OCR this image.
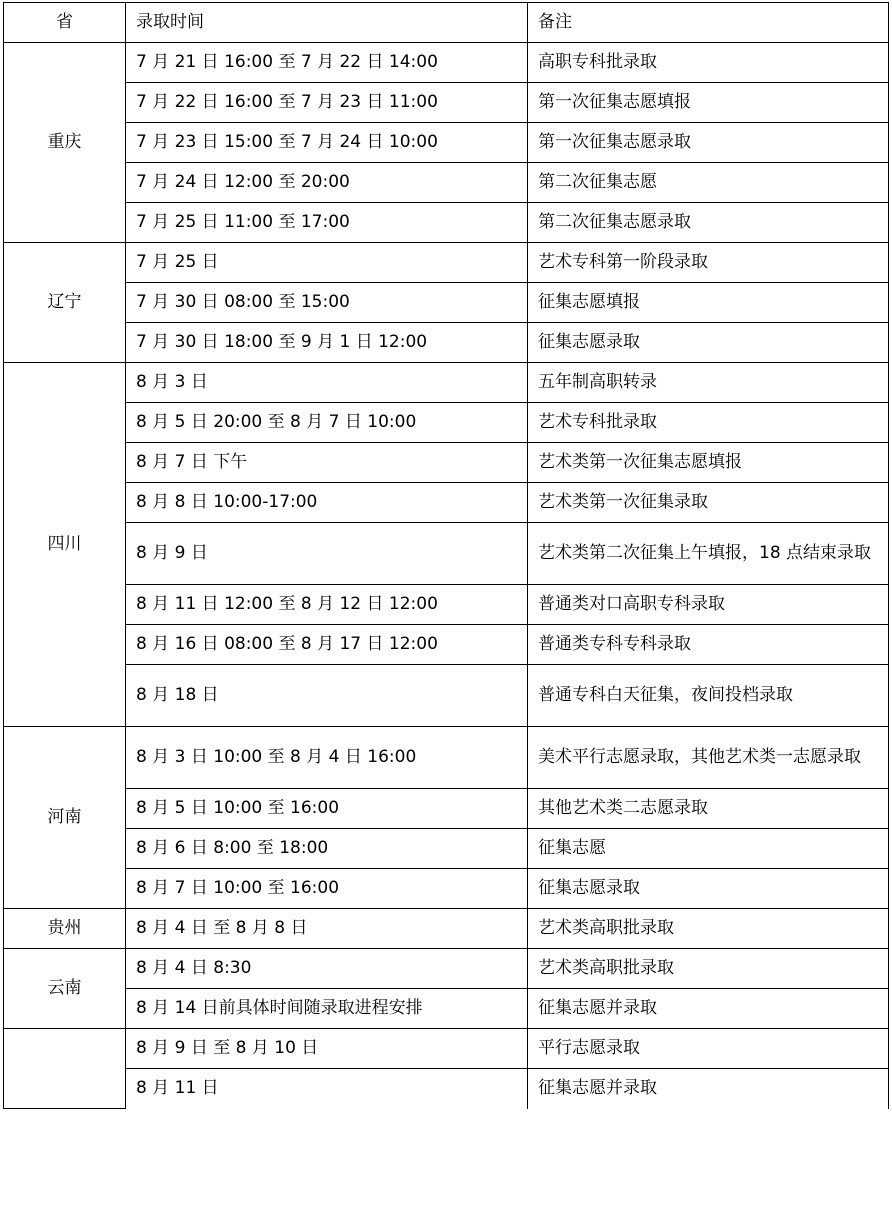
省	录取时间	备注
重庆	7 月 21 日 16:00 至 7 月 22 日 14:00	高职专科批录取
	7 月 22 日 16:00 至 7 月 23 日 11:00	第一次征集志愿填报
	7 月 23 日 15:00 至 7 月 24 日 10:00	第一次征集志愿录取
	7 月 24 日 12:00 至 20:00	第二次征集志愿
	7 月 25 日 11:00 至 17:00	第二次征集志愿录取
辽宁	7 月 25 日	艺术专科第一阶段录取
	7 月 30 日 08:00 至 15:00	征集志愿填报
	7 月 30 日 18:00 至 9 月 1 日 12:00	征集志愿录取
四川	8 月 3 日	五年制高职转录
	8 月 5 日 20:00 至 8 月 7 日 10:00	艺术专科批录取
	8 月 7 日 下午	艺术类第一次征集志愿填报
	8 月 8 日 10:00-17:00	艺术类第一次征集录取
	8 月 9 日	艺术类第二次征集上午填报，18 点结束录取
	8 月 11 日 12:00 至 8 月 12 日 12:00	普通类对口高职专科录取
	8 月 16 日 08:00 至 8 月 17 日 12:00	普通类专科专科录取
	8 月 18 日	普通专科白天征集，夜间投档录取
河南	8 月 3 日 10:00 至 8 月 4 日 16:00	美术平行志愿录取，其他艺术类一志愿录取
	8 月 5 日 10:00 至 16:00	其他艺术类二志愿录取
	8 月 6 日 8:00 至 18:00	征集志愿
	8 月 7 日 10:00 至 16:00	征集志愿录取
贵州	8 月 4 日 至 8 月 8 日	艺术类高职批录取
云南	8 月 4 日 8:30	艺术类高职批录取
	8 月 14 日前具体时间随录取进程安排	征集志愿并录取
	8 月 9 日 至 8 月 10 日	平行志愿录取
	8 月 11 日	征集志愿并录取
